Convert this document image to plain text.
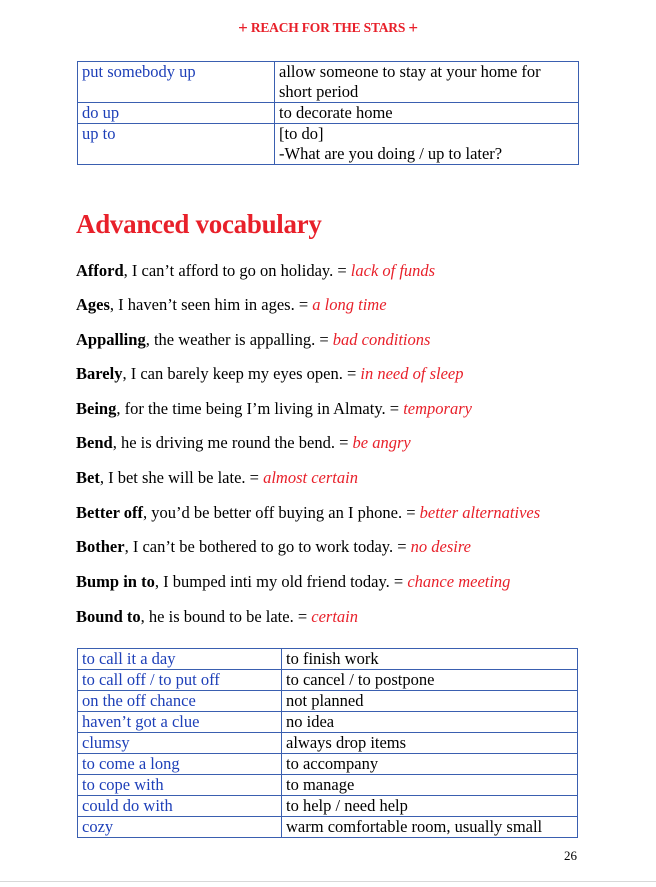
+ REACH FOR THE STARS +
put somebody up	allow someone to stay at your home for
short period

do up	to decorate home

up to	[to do]
-What are you doing / up to later?
Advanced vocabulary
Afford, I can’t afford to go on holiday. = lack of funds
Ages, I haven’t seen him in ages. = a long time
Appalling, the weather is appalling. = bad conditions
Barely, I can barely keep my eyes open. = in need of sleep
Being, for the time being I’m living in Almaty. = temporary
Bend, he is driving me round the bend. = be angry
Bet, I bet she will be late. = almost certain
Better off, you’d be better off buying an I phone. = better alternatives
Bother, I can’t be bothered to go to work today. = no desire
Bump in to, I bumped inti my old friend today. = chance meeting
Bound to, he is bound to be late. = certain
to call it a day	to finish work
to call off / to put off	to cancel / to postpone
on the off chance	not planned
haven’t got a clue	no idea
clumsy	always drop items
to come a long	to accompany
to cope with	to manage
could do with	to help / need help
cozy	warm comfortable room, usually small
26
